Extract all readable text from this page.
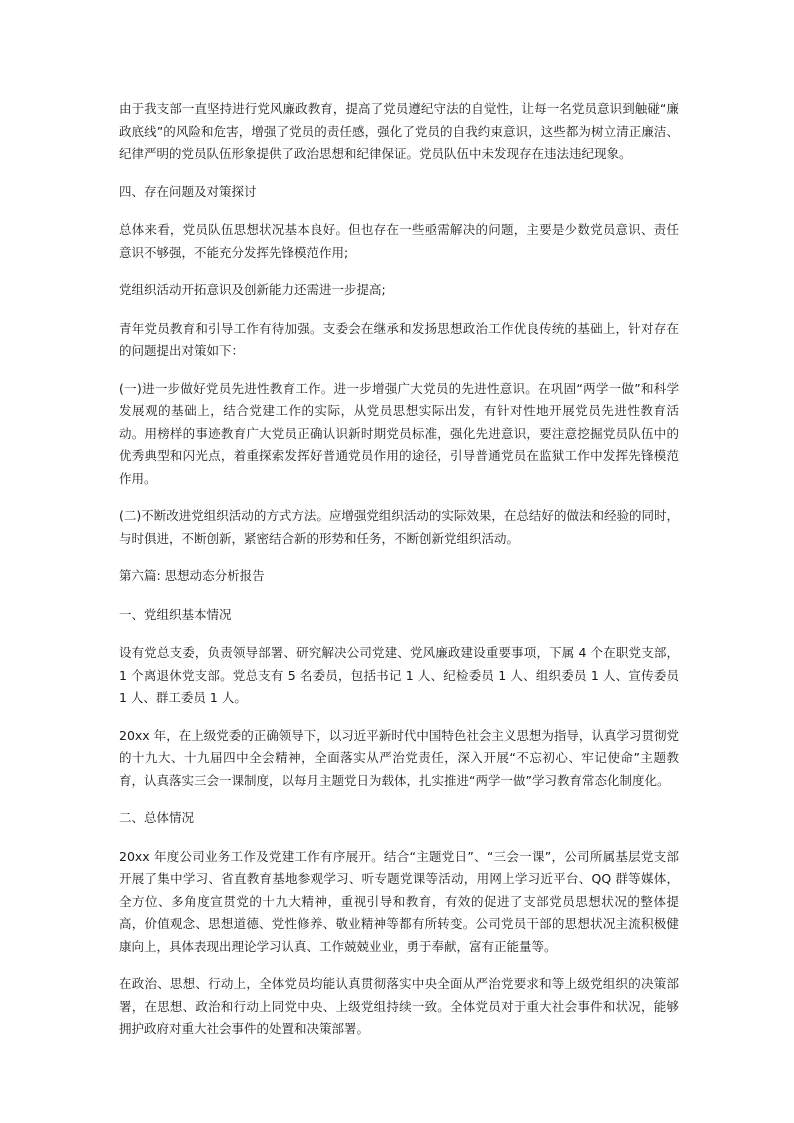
由于我支部一直坚持进行党风廉政教育，提高了党员遵纪守法的自觉性，让每一名党员意识到触碰“廉政底线”的风险和危害，增强了党员的责任感，强化了党员的自我约束意识，这些都为树立清正廉洁、纪律严明的党员队伍形象提供了政治思想和纪律保证。党员队伍中未发现存在违法违纪现象。

四、存在问题及对策探讨

总体来看，党员队伍思想状况基本良好。但也存在一些亟需解决的问题，主要是少数党员意识、责任意识不够强，不能充分发挥先锋模范作用;

党组织活动开拓意识及创新能力还需进一步提高;

青年党员教育和引导工作有待加强。支委会在继承和发扬思想政治工作优良传统的基础上，针对存在的问题提出对策如下：

(一)进一步做好党员先进性教育工作。进一步增强广大党员的先进性意识。在巩固“两学一做”和科学发展观的基础上，结合党建工作的实际，从党员思想实际出发，有针对性地开展党员先进性教育活动。用榜样的事迹教育广大党员正确认识新时期党员标准，强化先进意识，要注意挖掘党员队伍中的优秀典型和闪光点，着重探索发挥好普通党员作用的途径，引导普通党员在监狱工作中发挥先锋模范作用。

(二)不断改进党组织活动的方式方法。应增强党组织活动的实际效果，在总结好的做法和经验的同时，与时俱进，不断创新，紧密结合新的形势和任务，不断创新党组织活动。

第六篇: 思想动态分析报告

一、党组织基本情况

设有党总支委，负责领导部署、研究解决公司党建、党风廉政建设重要事项，下属 4 个在职党支部，1 个离退休党支部。党总支有 5 名委员，包括书记 1 人、纪检委员 1 人、组织委员 1 人、宣传委员 1 人、群工委员 1 人。

20xx 年，在上级党委的正确领导下，以习近平新时代中国特色社会主义思想为指导，认真学习贯彻党的十九大、十九届四中全会精神，全面落实从严治党责任，深入开展“不忘初心、牢记使命”主题教育，认真落实三会一课制度，以每月主题党日为载体，扎实推进“两学一做”学习教育常态化制度化。

二、总体情况

20xx 年度公司业务工作及党建工作有序展开。结合“主题党日”、“三会一课”，公司所属基层党支部开展了集中学习、省直教育基地参观学习、听专题党课等活动，用网上学习近平台、QQ 群等媒体，全方位、多角度宣贯党的十九大精神，重视引导和教育，有效的促进了支部党员思想状况的整体提高，价值观念、思想道德、党性修养、敬业精神等都有所转变。公司党员干部的思想状况主流积极健康向上，具体表现出理论学习认真、工作兢兢业业，勇于奉献，富有正能量等。

在政治、思想、行动上，全体党员均能认真贯彻落实中央全面从严治党要求和等上级党组织的决策部署，在思想、政治和行动上同党中央、上级党组持续一致。全体党员对于重大社会事件和状况，能够拥护政府对重大社会事件的处置和决策部署。
